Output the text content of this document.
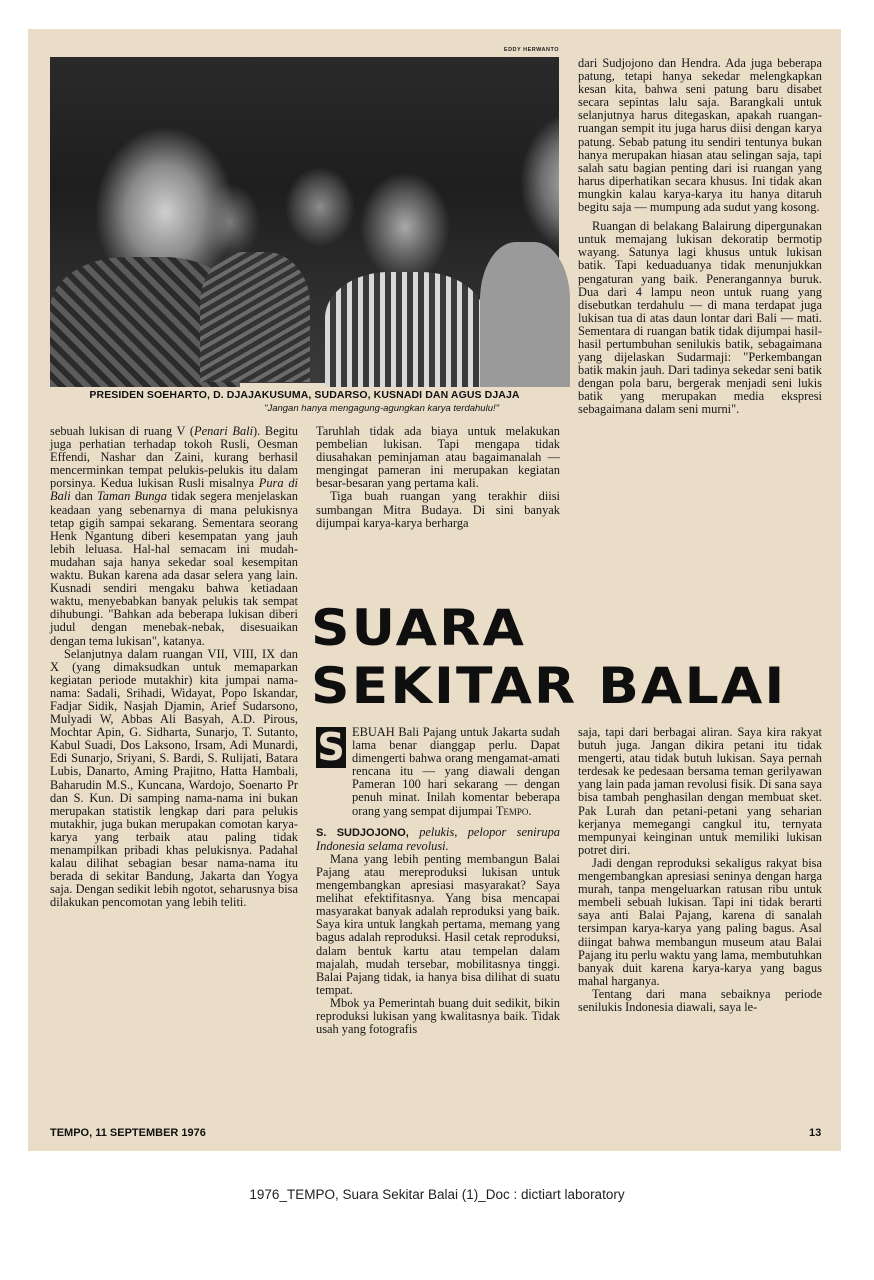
EDDY HERWANTO
PRESIDEN SOEHARTO, D. DJAJAKUSUMA, SUDARSO, KUSNADI DAN AGUS DJAJA
"Jangan hanya mengagung-agungkan karya terdahulu!"

dari Sudjojono dan Hendra. Ada juga beberapa patung, tetapi hanya sekedar melengkapkan kesan kita, bahwa seni patung baru disabet secara sepintas lalu saja. Barangkali untuk selanjutnya harus ditegaskan, apakah ruangan-ruangan sempit itu juga harus diisi dengan karya patung. Sebab patung itu sendiri tentunya bukan hanya merupakan hiasan atau selingan saja, tapi salah satu bagian penting dari isi ruangan yang harus diperhatikan secara khusus. Ini tidak akan mungkin kalau karya-karya itu hanya ditaruh begitu saja — mumpung ada sudut yang kosong.

Ruangan di belakang Balairung dipergunakan untuk memajang lukisan dekoratip bermotip wayang. Satunya lagi khusus untuk lukisan batik. Tapi keduaduanya tidak menunjukkan pengaturan yang baik. Penerangannya buruk. Dua dari 4 lampu neon untuk ruang yang disebutkan terdahulu — di mana terdapat juga lukisan tua di atas daun lontar dari Bali — mati. Sementara di ruangan batik tidak dijumpai hasil-hasil pertumbuhan senilukis batik, sebagaimana yang dijelaskan Sudarmaji: "Perkembangan batik makin jauh. Dari tadinya sekedar seni batik dengan pola baru, bergerak menjadi seni lukis batik yang merupakan media ekspresi sebagaimana dalam seni murni".

sebuah lukisan di ruang V (Penari Bali). Begitu juga perhatian terhadap tokoh Rusli, Oesman Effendi, Nashar dan Zaini, kurang berhasil mencerminkan tempat pelukis-pelukis itu dalam porsinya. Kedua lukisan Rusli misalnya Pura di Bali dan Taman Bunga tidak segera menjelaskan keadaan yang sebenarnya di mana pelukisnya tetap gigih sampai sekarang. Sementara seorang Henk Ngantung diberi kesempatan yang jauh lebih leluasa. Hal-hal semacam ini mudah-mudahan saja hanya sekedar soal kesempitan waktu. Bukan karena ada dasar selera yang lain. Kusnadi sendiri mengaku bahwa ketiadaan waktu, menyebabkan banyak pelukis tak sempat dihubungi. "Bahkan ada beberapa lukisan diberi judul dengan menebak-nebak, disesuaikan dengan tema lukisan", katanya.

Selanjutnya dalam ruangan VII, VIII, IX dan X (yang dimaksudkan untuk memaparkan kegiatan periode mutakhir) kita jumpai nama-nama: Sadali, Srihadi, Widayat, Popo Iskandar, Fadjar Sidik, Nasjah Djamin, Arief Sudarsono, Mulyadi W, Abbas Ali Basyah, A.D. Pirous, Mochtar Apin, G. Sidharta, Sunarjo, T. Sutanto, Kabul Suadi, Dos Laksono, Irsam, Adi Munardi, Edi Sunarjo, Sriyani, S. Bardi, S. Rulijati, Batara Lubis, Danarto, Aming Prajitno, Hatta Hambali, Baharudin M.S., Kuncana, Wardojo, Soenarto Pr dan S. Kun. Di samping nama-nama ini bukan merupakan statistik lengkap dari para pelukis mutakhir, juga bukan merupakan comotan karya-karya yang terbaik atau paling tidak menampilkan pribadi khas pelukisnya. Padahal kalau dilihat sebagian besar nama-nama itu berada di sekitar Bandung, Jakarta dan Yogya saja. Dengan sedikit lebih ngotot, seharusnya bisa dilakukan pencomotan yang lebih teliti.

Taruhlah tidak ada biaya untuk melakukan pembelian lukisan. Tapi mengapa tidak diusahakan peminjaman atau bagaimanalah — mengingat pameran ini merupakan kegiatan besar-besaran yang pertama kali.

Tiga buah ruangan yang terakhir diisi sumbangan Mitra Budaya. Di sini banyak dijumpai karya-karya berharga

SUARA
SEKITAR BALAI
S EBUAH Bali Pajang untuk Jakarta sudah lama benar dianggap perlu. Dapat dimengerti bahwa orang mengamat-amati rencana itu — yang diawali dengan Pameran 100 hari sekarang — dengan penuh minat. Inilah komentar beberapa orang yang sempat dijumpai Tempo.

S. SUDJOJONO, pelukis, pelopor senirupa Indonesia selama revolusi.

Mana yang lebih penting membangun Balai Pajang atau mereproduksi lukisan untuk mengembangkan apresiasi masyarakat? Saya melihat efektifitasnya. Yang bisa mencapai masyarakat banyak adalah reproduksi yang baik. Saya kira untuk langkah pertama, memang yang bagus adalah reproduksi. Hasil cetak reproduksi, dalam bentuk kartu atau tempelan dalam majalah, mudah tersebar, mobilitasnya tinggi. Balai Pajang tidak, ia hanya bisa dilihat di suatu tempat.

Mbok ya Pemerintah buang duit sedikit, bikin reproduksi lukisan yang kwalitasnya baik. Tidak usah yang fotografis

saja, tapi dari berbagai aliran. Saya kira rakyat butuh juga. Jangan dikira petani itu tidak mengerti, atau tidak butuh lukisan. Saya pernah terdesak ke pedesaan bersama teman gerilyawan yang lain pada jaman revolusi fisik. Di sana saya bisa tambah penghasilan dengan membuat sket. Pak Lurah dan petani-petani yang seharian kerjanya memegangi cangkul itu, ternyata mempunyai keinginan untuk memiliki lukisan potret diri.

Jadi dengan reproduksi sekaligus rakyat bisa mengembangkan apresiasi seninya dengan harga murah, tanpa mengeluarkan ratusan ribu untuk membeli sebuah lukisan. Tapi ini tidak berarti saya anti Balai Pajang, karena di sanalah tersimpan karya-karya yang paling bagus. Asal diingat bahwa membangun museum atau Balai Pajang itu perlu waktu yang lama, membutuhkan banyak duit karena karya-karya yang bagus mahal harganya.

Tentang dari mana sebaiknya periode senilukis Indonesia diawali, saya le-

TEMPO, 11 SEPTEMBER 1976	13
1976_TEMPO, Suara Sekitar Balai (1)_Doc : dictiart laboratory
